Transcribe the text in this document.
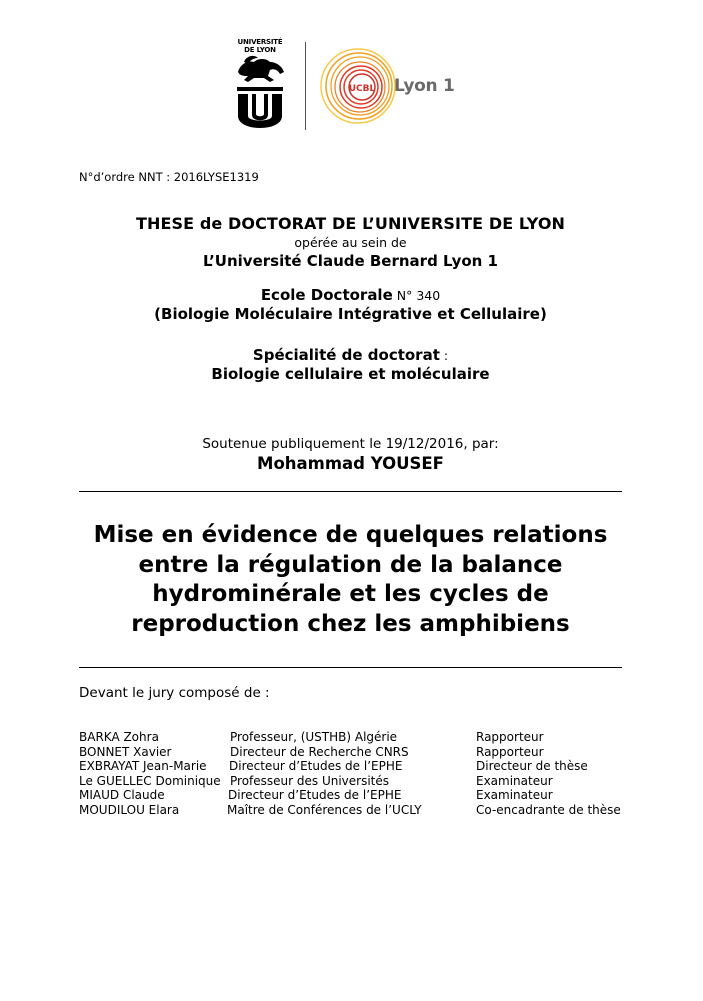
UNIVERSITÉ
DE LYON
UCBL Lyon 1
N°d’ordre NNT : 2016LYSE1319
THESE de DOCTORAT DE L’UNIVERSITE DE LYON
opérée au sein de
L’Université Claude Bernard Lyon 1
Ecole Doctorale N° 340
(Biologie Moléculaire Intégrative et Cellulaire)
Spécialité de doctorat :
Biologie cellulaire et moléculaire
Soutenue publiquement le 19/12/2016, par:
Mohammad YOUSEF
Mise en évidence de quelques relations
entre la régulation de la balance
hydrominérale et les cycles de
reproduction chez les amphibiens
Devant le jury composé de :
BARKA Zohra	Professeur, (USTHB) Algérie	Rapporteur
BONNET Xavier	Directeur de Recherche CNRS	Rapporteur
EXBRAYAT Jean-Marie Directeur d’Etudes de l’EPHE	Directeur de thèse
Le GUELLEC Dominique Professeur des Universités	Examinateur
MIAUD Claude	Directeur d’Etudes de l’EPHE	Examinateur
MOUDILOU Elara	Maître de Conférences de l’UCLY	Co-encadrante de thèse
